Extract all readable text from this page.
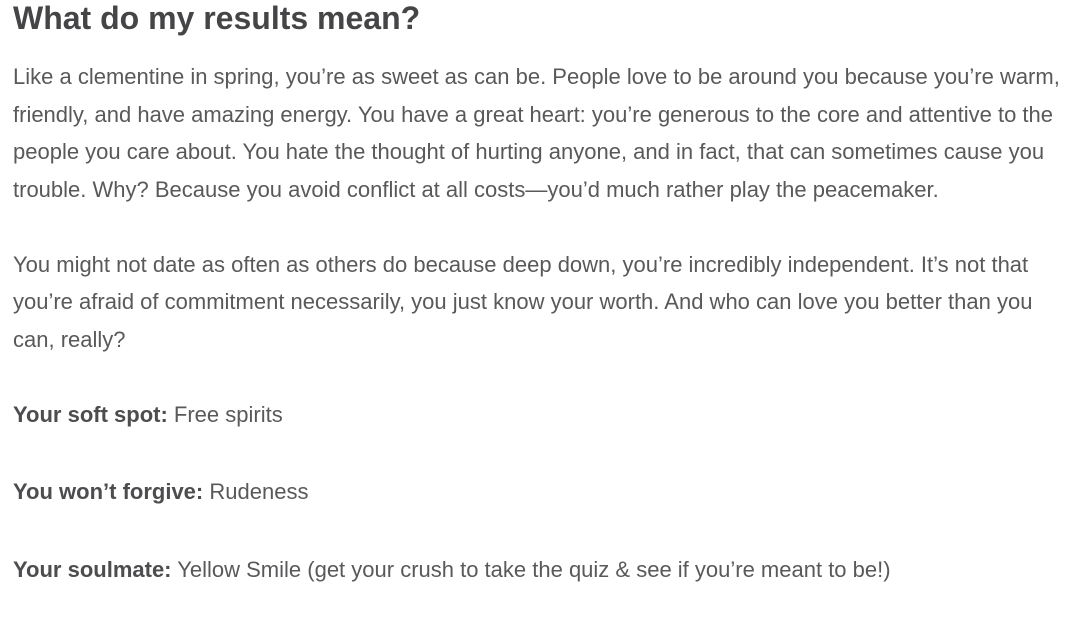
What do my results mean?

Like a clementine in spring, you’re as sweet as can be. People love to be around you because you’re warm, friendly, and have amazing energy. You have a great heart: you’re generous to the core and attentive to the people you care about. You hate the thought of hurting anyone, and in fact, that can sometimes cause you trouble. Why? Because you avoid conflict at all costs—you’d much rather play the peacemaker.

You might not date as often as others do because deep down, you’re incredibly independent. It’s not that you’re afraid of commitment necessarily, you just know your worth. And who can love you better than you can, really?

Your soft spot: Free spirits

You won’t forgive: Rudeness

Your soulmate: Yellow Smile (get your crush to take the quiz & see if you’re meant to be!)
